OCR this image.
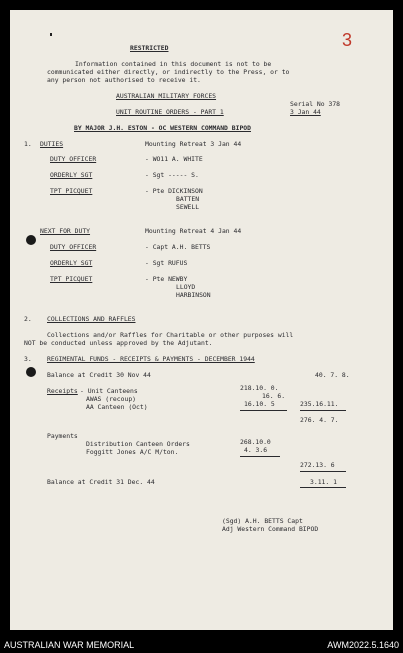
3
RESTRICTED
Information contained in this document is not to be
communicated either directly, or indirectly to the Press, or to
any person not authorised to receive it.
AUSTRALIAN MILITARY FORCES
UNIT ROUTINE ORDERS - PART 1
Serial No 378
3 Jan 44
BY MAJOR J.H. ESTON - OC WESTERN COMMAND BIPOD
1. DUTIES	Mounting Retreat 3 Jan 44
DUTY OFFICER	- WO11 A. WHITE
ORDERLY SGT	- Sgt ----- S.
TPT PICQUET	- Pte DICKINSON
BATTEN
SEWELL
NEXT FOR DUTY	Mounting Retreat 4 Jan 44
DUTY OFFICER	- Capt A.H. BETTS
ORDERLY SGT	- Sgt RUFUS
TPT PICQUET	- Pte NEWBY
LLOYD
HARBINSON
2. COLLECTIONS AND RAFFLES
Collections and/or Raffles for Charitable or other purposes will
NOT be conducted unless approved by the Adjutant.
3. REGIMENTAL FUNDS - RECEIPTS & PAYMENTS - DECEMBER 1944
Balance at Credit 30 Nov 44	40. 7. 8.
Receipts - Unit Canteens	218.10. 0.
AWAS (recoup)	16. 6.
AA Canteen (Oct)	16.10. 5	235.16.11.
276. 4. 7.
Payments
Distribution Canteen Orders	268.10.0
Foggitt Jones A/C M/ton.	4. 3.6
272.13. 6
Balance at Credit 31 Dec. 44	3.11. 1
(Sgd) A.H. BETTS Capt
Adj Western Command BIPOD
AUSTRALIAN WAR MEMORIAL	AWM2022.5.1640
